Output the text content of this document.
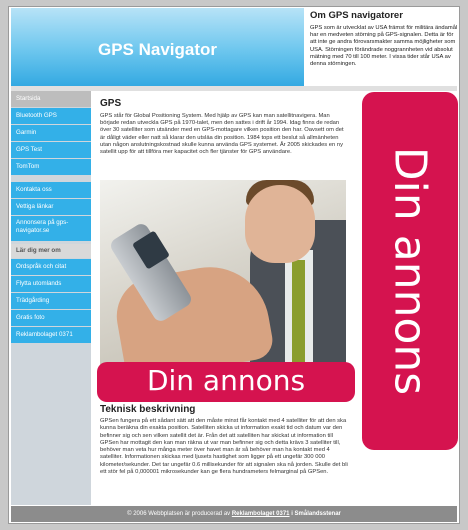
GPS Navigator
Om GPS navigatorer

GPS som är utvecklat av USA främst för militära ändamål har en medveten störning på GPS-signalen. Detta är för att inte ge andra förovarsmakter samma möjligheter som USA. Störningen förändrade noggrannheten vid absolut mätning med 70 till 100 meter. I vissa tider står USA av denna störningen.

Startsida
Bluetooth GPS
Garmin
GPS Test
TomTom
Kontakta oss
Vettiga länkar
Annonsera på gps-navigator.se
Lär dig mer om
Ordspråk och citat
Flytta utomlands
Trädgårding
Gratis foto
Reklambolaget 0371
GPS

GPS står för Global Positioning System. Med hjälp av GPS kan man satellitnavigera. Man började redan utveckla GPS på 1970-talet, men den sattes i drift år 1994. Idag finns de redan över 30 satelliter som utsänder med en GPS-mottagare vilken position den har. Oavsett om det är dåligt väder eller natt så klarar den utsläa din position. 1984 tops ett beslut så allmänheten utan någon anslutningskostnad skulle kunna använda GPS systemet. År 2005 skickades en ny satellit upp för att tillföra mer kapacitet och fler tjänster för GPS användare.

Din annons	Din annons
Teknisk beskrivning

GPSen fungera på ett sådant sätt att den måste minst får kontakt med 4 satelliter för att den ska kunna beräkna din exakta position. Satelliten skicka ut information exakt tid och datum var den befinner sig och sen vilken satellit det är. Från det att satelliten har skickat ut information till GPSen har mottagit den kan man räkna ut var man befinner sig och detta krävs 3 satelliter till, behöver man veta hur många meter över havet man är så behöver man ha kontakt med 4 satelliter. Informationen skickas med ljusets hastighet som ligger på ett ungefär 300 000 kilometer/sekunder. Det tar ungefär 0.6 millisekunder för att signalen ska nå jorden. Skulle det bli ett stör fel på 0,000001 mikrosekunder kan ge flera hundrameters felmarginal på GPSen.

© 2006 Webbplatsen är producerad av Reklambolaget 0371 i Smålandsstenar
